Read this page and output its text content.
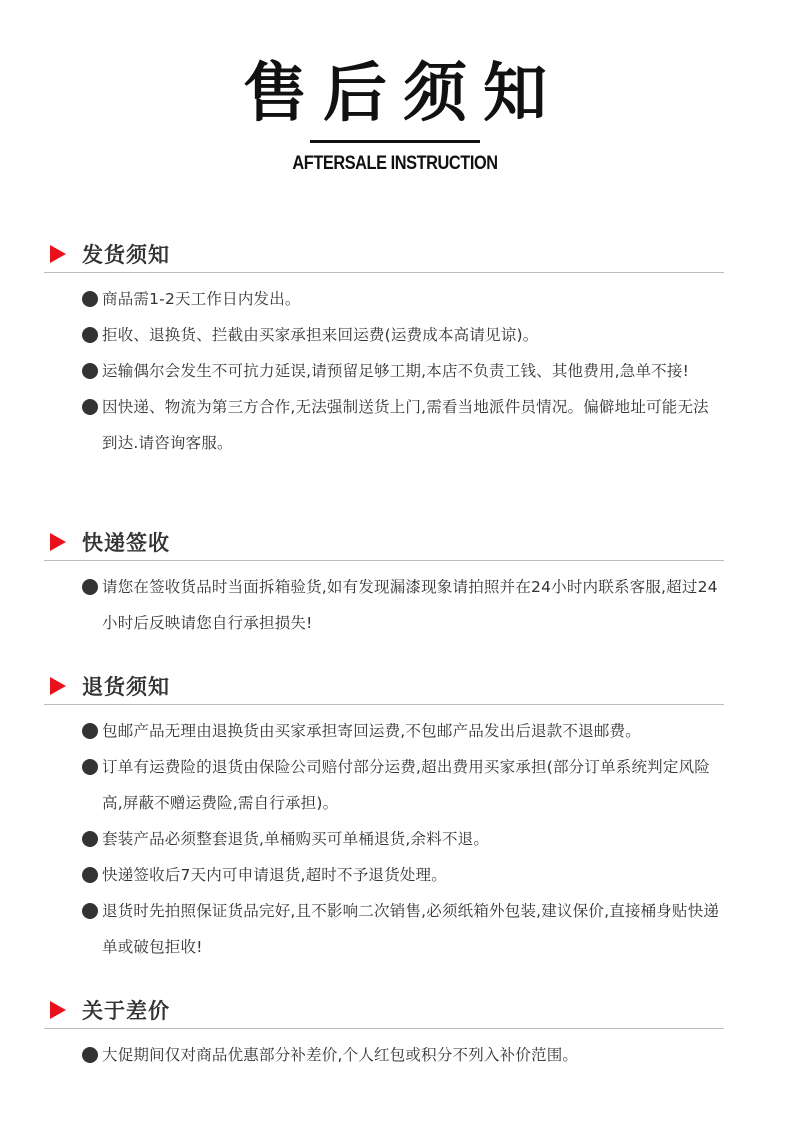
售后须知
AFTERSALE INSTRUCTION
发货须知
商品需1-2天工作日内发出。
拒收、退换货、拦截由买家承担来回运费(运费成本高请见谅)。
运输偶尔会发生不可抗力延误,请预留足够工期,本店不负责工钱、其他费用,急单不接!
因快递、物流为第三方合作,无法强制送货上门,需看当地派件员情况。偏僻地址可能无法到达.请咨询客服。
快递签收
请您在签收货品时当面拆箱验货,如有发现漏漆现象请拍照并在24小时内联系客服,超过24小时后反映请您自行承担损失!
退货须知
包邮产品无理由退换货由买家承担寄回运费,不包邮产品发出后退款不退邮费。
订单有运费险的退货由保险公司赔付部分运费,超出费用买家承担(部分订单系统判定风险高,屏蔽不赠运费险,需自行承担)。
套装产品必须整套退货,单桶购买可单桶退货,余料不退。
快递签收后7天内可申请退货,超时不予退货处理。
退货时先拍照保证货品完好,且不影响二次销售,必须纸箱外包装,建议保价,直接桶身贴快递单或破包拒收!
关于差价
大促期间仅对商品优惠部分补差价,个人红包或积分不列入补价范围。
